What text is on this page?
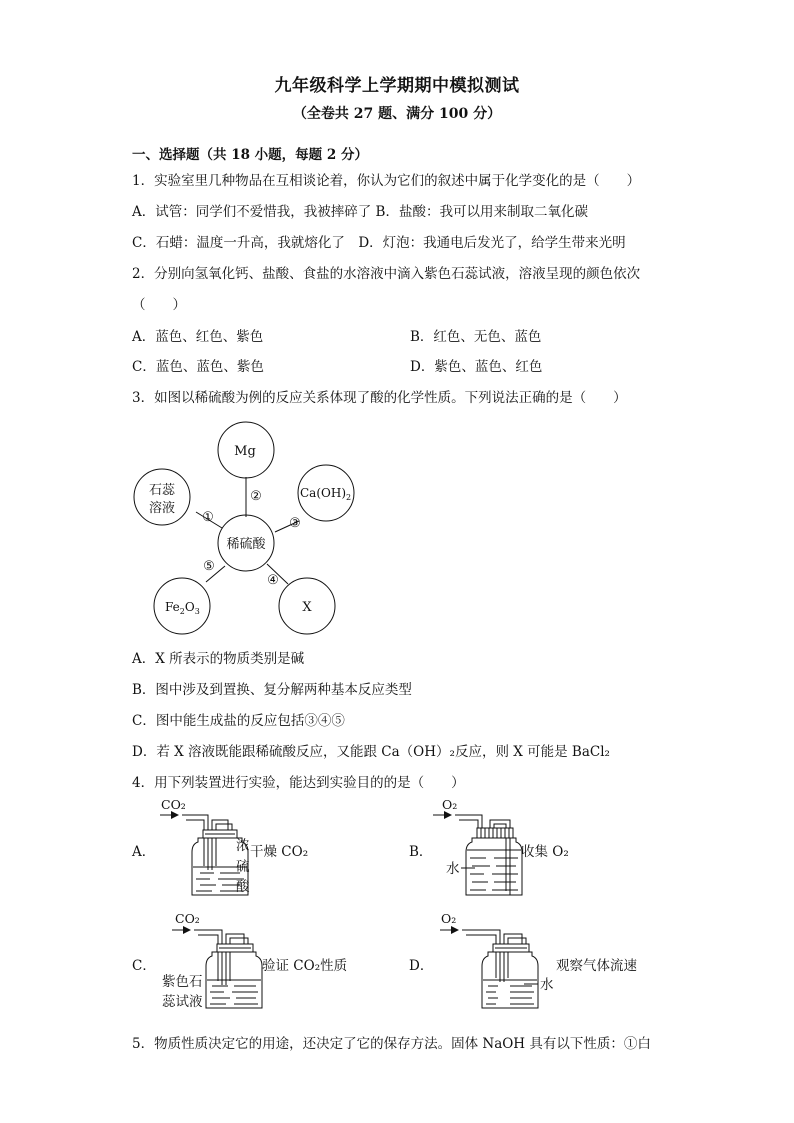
九年级科学上学期期中模拟测试
（全卷共 27 题、满分 100 分）
一、选择题（共 18 小题，每题 2 分）
1．实验室里几种物品在互相谈论着，你认为它们的叙述中属于化学变化的是（　　）
A．试管：同学们不爱惜我，我被摔碎了 B．盐酸：我可以用来制取二氧化碳
C．石蜡：温度一升高，我就熔化了　D．灯泡：我通电后发光了，给学生带来光明
2．分别向氢氧化钙、盐酸、食盐的水溶液中滴入紫色石蕊试液，溶液呈现的颜色依次
（　　）
A．蓝色、红色、紫色	B．红色、无色、蓝色
C．蓝色、蓝色、紫色	D．紫色、蓝色、红色
3．如图以稀硫酸为例的反应关系体现了酸的化学性质。下列说法正确的是（　　）
稀硫酸
Mg
石蕊
溶液
$Ca(OH)_2$
$Fe_2O_3$	X
①
②
③
④
⑤
A．X 所表示的物质类别是碱
B．图中涉及到置换、复分解两种基本反应类型
C．图中能生成盐的反应包括③④⑤
D．若 X 溶液既能跟稀硫酸反应，又能跟 Ca（OH）₂反应，则 X 可能是 BaCl₂
4．用下列装置进行实验，能达到实验目的的是（　　）
CO₂	O₂
CO₂	O₂
A．	浓
硫
酸
干燥 CO₂	B．
水
收集 O₂
C．
紫色石
蕊试液
验证 CO₂性质	D．
水
观察气体流速
5．物质性质决定它的用途，还决定了它的保存方法。固体 NaOH 具有以下性质：①白
